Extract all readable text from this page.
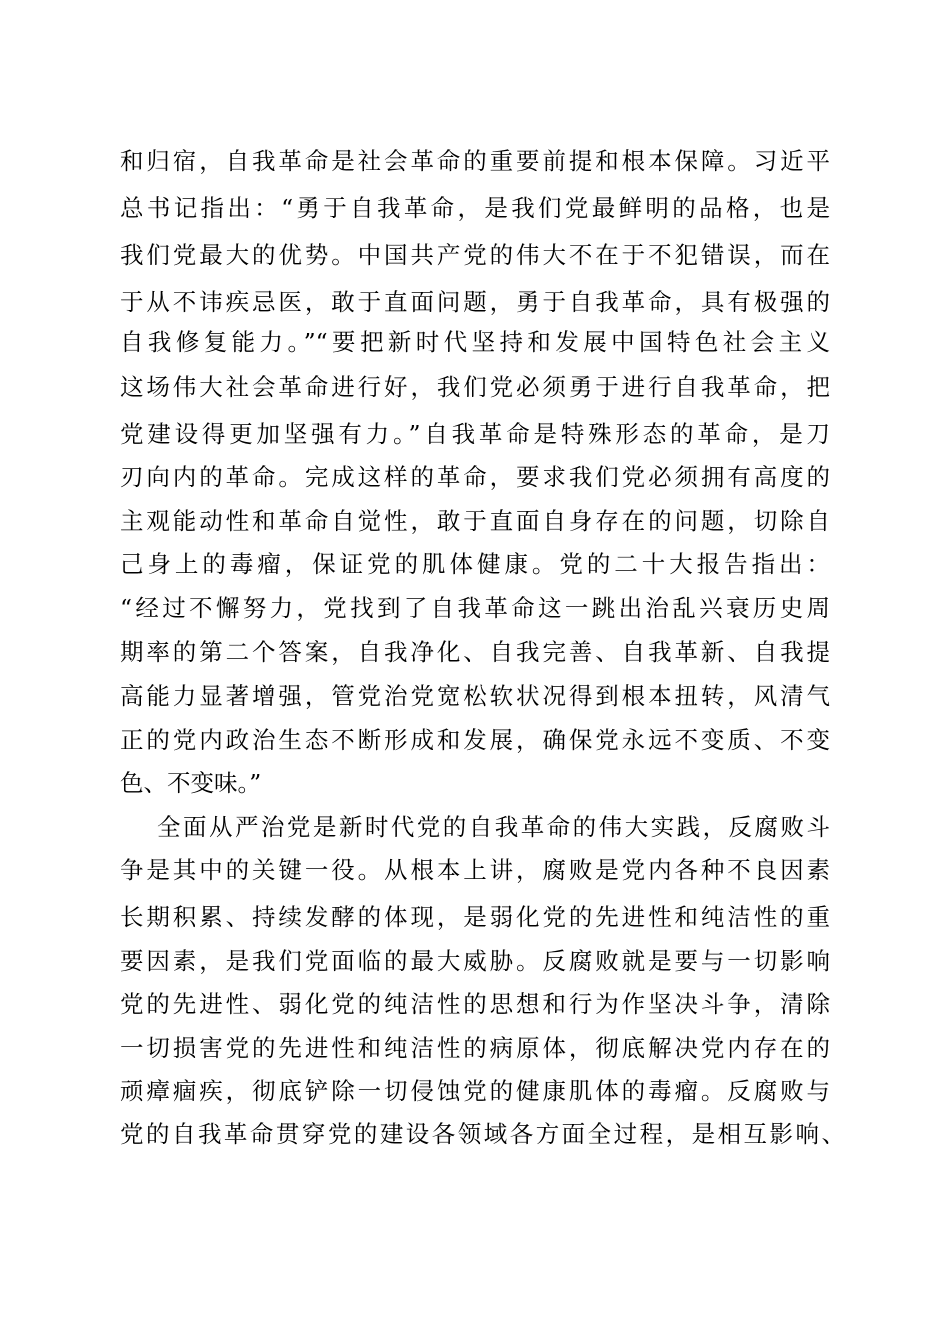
和归宿，自我革命是社会革命的重要前提和根本保障。习近平
总书记指出：“勇于自我革命，是我们党最鲜明的品格，也是
我们党最大的优势。中国共产党的伟大不在于不犯错误，而在
于从不讳疾忌医，敢于直面问题，勇于自我革命，具有极强的
自我修复能力。”“要把新时代坚持和发展中国特色社会主义
这场伟大社会革命进行好，我们党必须勇于进行自我革命，把
党建设得更加坚强有力。”自我革命是特殊形态的革命，是刀
刃向内的革命。完成这样的革命，要求我们党必须拥有高度的
主观能动性和革命自觉性，敢于直面自身存在的问题，切除自
己身上的毒瘤，保证党的肌体健康。党的二十大报告指出：
“经过不懈努力，党找到了自我革命这一跳出治乱兴衰历史周
期率的第二个答案，自我净化、自我完善、自我革新、自我提
高能力显著增强，管党治党宽松软状况得到根本扭转，风清气
正的党内政治生态不断形成和发展，确保党永远不变质、不变
色、不变味。”
全面从严治党是新时代党的自我革命的伟大实践，反腐败斗
争是其中的关键一役。从根本上讲，腐败是党内各种不良因素
长期积累、持续发酵的体现，是弱化党的先进性和纯洁性的重
要因素，是我们党面临的最大威胁。反腐败就是要与一切影响
党的先进性、弱化党的纯洁性的思想和行为作坚决斗争，清除
一切损害党的先进性和纯洁性的病原体，彻底解决党内存在的
顽瘴痼疾，彻底铲除一切侵蚀党的健康肌体的毒瘤。反腐败与
党的自我革命贯穿党的建设各领域各方面全过程，是相互影响、
